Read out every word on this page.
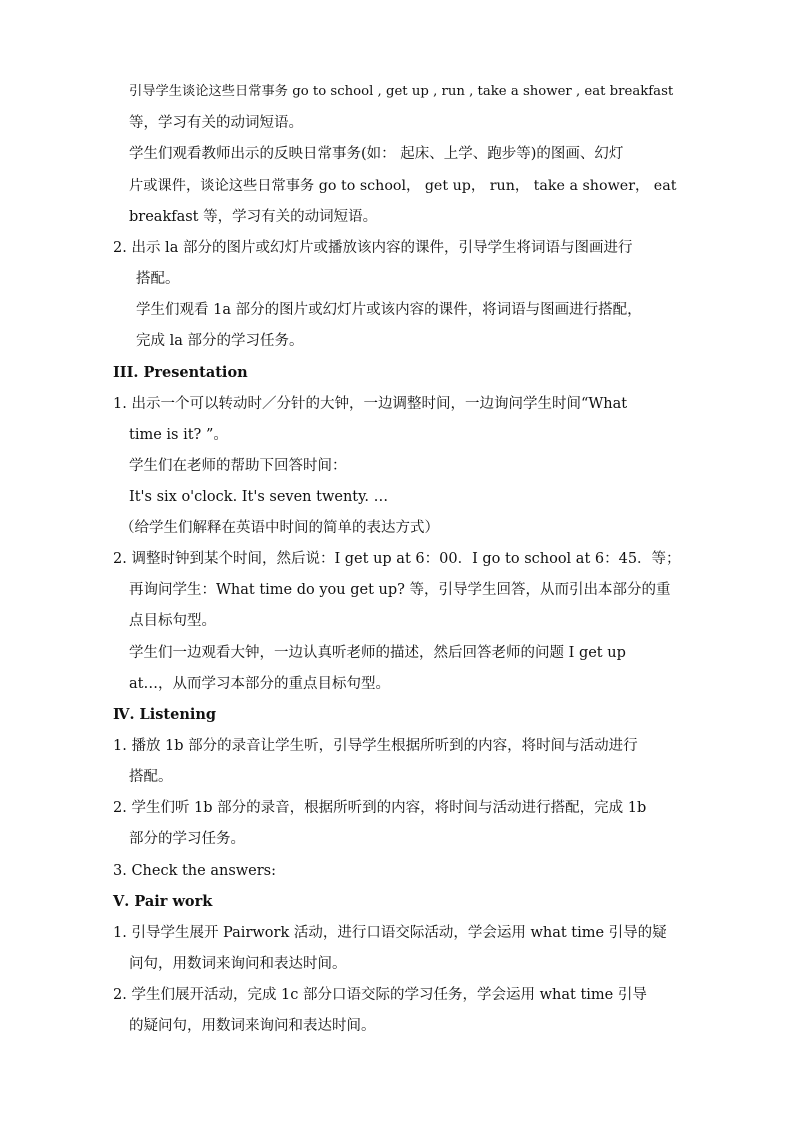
引导学生谈论这些日常事务 go to school , get up , run , take a shower , eat breakfast
等，学习有关的动词短语。
学生们观看教师出示的反映日常事务(如： 起床、上学、跑步等)的图画、幻灯
片或课件，谈论这些日常事务 go to school， get up， run， take a shower， eat
breakfast 等，学习有关的动词短语。
2. 出示 la 部分的图片或幻灯片或播放该内容的课件，引导学生将词语与图画进行
搭配。
学生们观看 1a 部分的图片或幻灯片或该内容的课件，将词语与图画进行搭配，
完成 la 部分的学习任务。
III. Presentation
1. 出示一个可以转动时／分针的大钟，一边调整时间，一边询问学生时间“What
time is it? ”。
学生们在老师的帮助下回答时间：
It's six o'clock. It's seven twenty. …
（给学生们解释在英语中时间的简单的表达方式）
2. 调整时钟到某个时间，然后说：I get up at 6：00．I go to school at 6：45．等；
再询问学生：What time do you get up? 等，引导学生回答，从而引出本部分的重
点目标句型。
学生们一边观看大钟，一边认真听老师的描述，然后回答老师的问题 I get up
at…，从而学习本部分的重点目标句型。
Ⅳ. Listening
1. 播放 1b 部分的录音让学生听，引导学生根据所听到的内容，将时间与活动进行
搭配。
2. 学生们听 1b 部分的录音，根据所听到的内容，将时间与活动进行搭配，完成 1b
部分的学习任务。
3. Check the answers:
Ⅴ. Pair work
1. 引导学生展开 Pairwork 活动，进行口语交际活动，学会运用 what time 引导的疑
问句，用数词来询问和表达时间。
2. 学生们展开活动，完成 1c 部分口语交际的学习任务，学会运用 what time 引导
的疑问句，用数词来询问和表达时间。
